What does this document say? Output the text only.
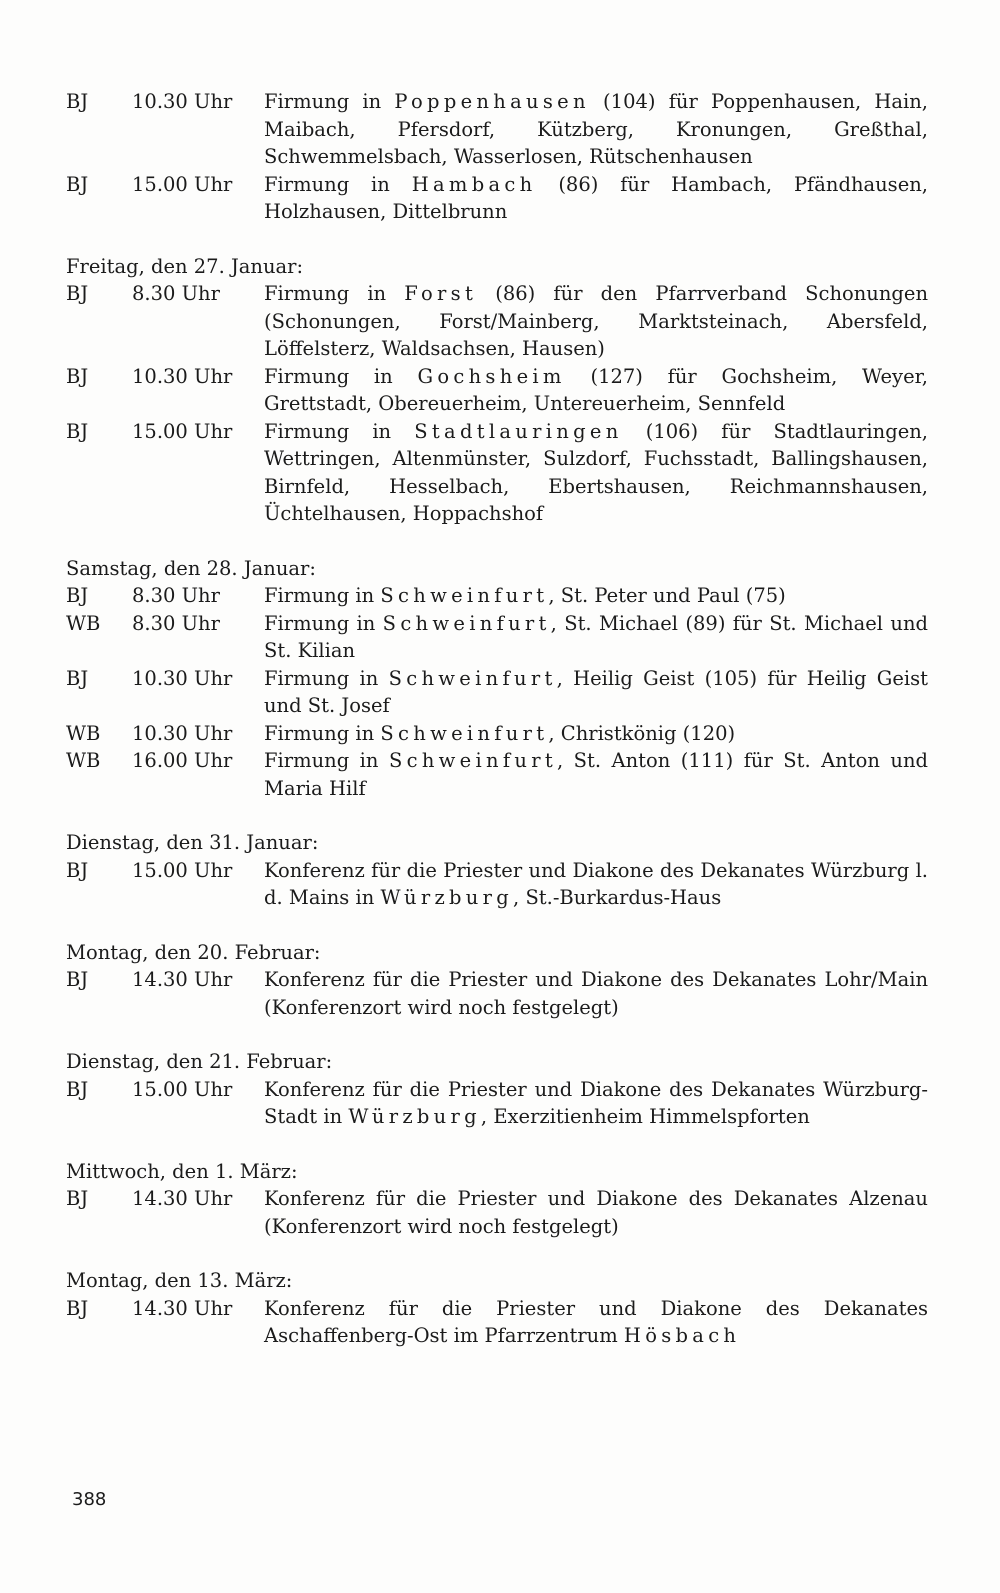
BJ	10.30 Uhr	Firmung in Poppenhausen (104) für Poppenhausen, Hain, Maibach, Pfersdorf, Kützberg, Kronungen, Greßthal, Schwemmelsbach, Wasserlosen, Rütschenhausen
BJ	15.00 Uhr	Firmung in Hambach (86) für Hambach, Pfändhausen, Holzhausen, Dittelbrunn
Freitag, den 27. Januar:
BJ	8.30 Uhr	Firmung in Forst (86) für den Pfarrverband Schonungen (Schonungen, Forst/Mainberg, Marktsteinach, Abersfeld, Löffelsterz, Waldsachsen, Hausen)
BJ	10.30 Uhr	Firmung in Gochsheim (127) für Gochsheim, Weyer, Grettstadt, Obereuerheim, Untereuerheim, Sennfeld
BJ	15.00 Uhr	Firmung in Stadtlauringen (106) für Stadtlauringen, Wettringen, Altenmünster, Sulzdorf, Fuchsstadt, Ballingshausen, Birnfeld, Hesselbach, Ebertshausen, Reichmannshausen, Üchtelhausen, Hoppachshof
Samstag, den 28. Januar:
BJ	8.30 Uhr	Firmung in Schweinfurt, St. Peter und Paul (75)
WB	8.30 Uhr	Firmung in Schweinfurt, St. Michael (89) für St. Michael und St. Kilian
BJ	10.30 Uhr	Firmung in Schweinfurt, Heilig Geist (105) für Heilig Geist und St. Josef
WB	10.30 Uhr	Firmung in Schweinfurt, Christkönig (120)
WB	16.00 Uhr	Firmung in Schweinfurt, St. Anton (111) für St. Anton und Maria Hilf
Dienstag, den 31. Januar:
BJ	15.00 Uhr	Konferenz für die Priester und Diakone des Dekanates Würzburg l. d. Mains in Würzburg, St.-Burkardus-Haus
Montag, den 20. Februar:
BJ	14.30 Uhr	Konferenz für die Priester und Diakone des Dekanates Lohr/Main (Konferenzort wird noch festgelegt)
Dienstag, den 21. Februar:
BJ	15.00 Uhr	Konferenz für die Priester und Diakone des Dekanates Würzburg-Stadt in Würzburg, Exerzitienheim Himmelspforten
Mittwoch, den 1. März:
BJ	14.30 Uhr	Konferenz für die Priester und Diakone des Dekanates Alzenau (Konferenzort wird noch festgelegt)
Montag, den 13. März:
BJ	14.30 Uhr	Konferenz für die Priester und Diakone des Dekanates Aschaffenberg-Ost im Pfarrzentrum Hösbach
388
